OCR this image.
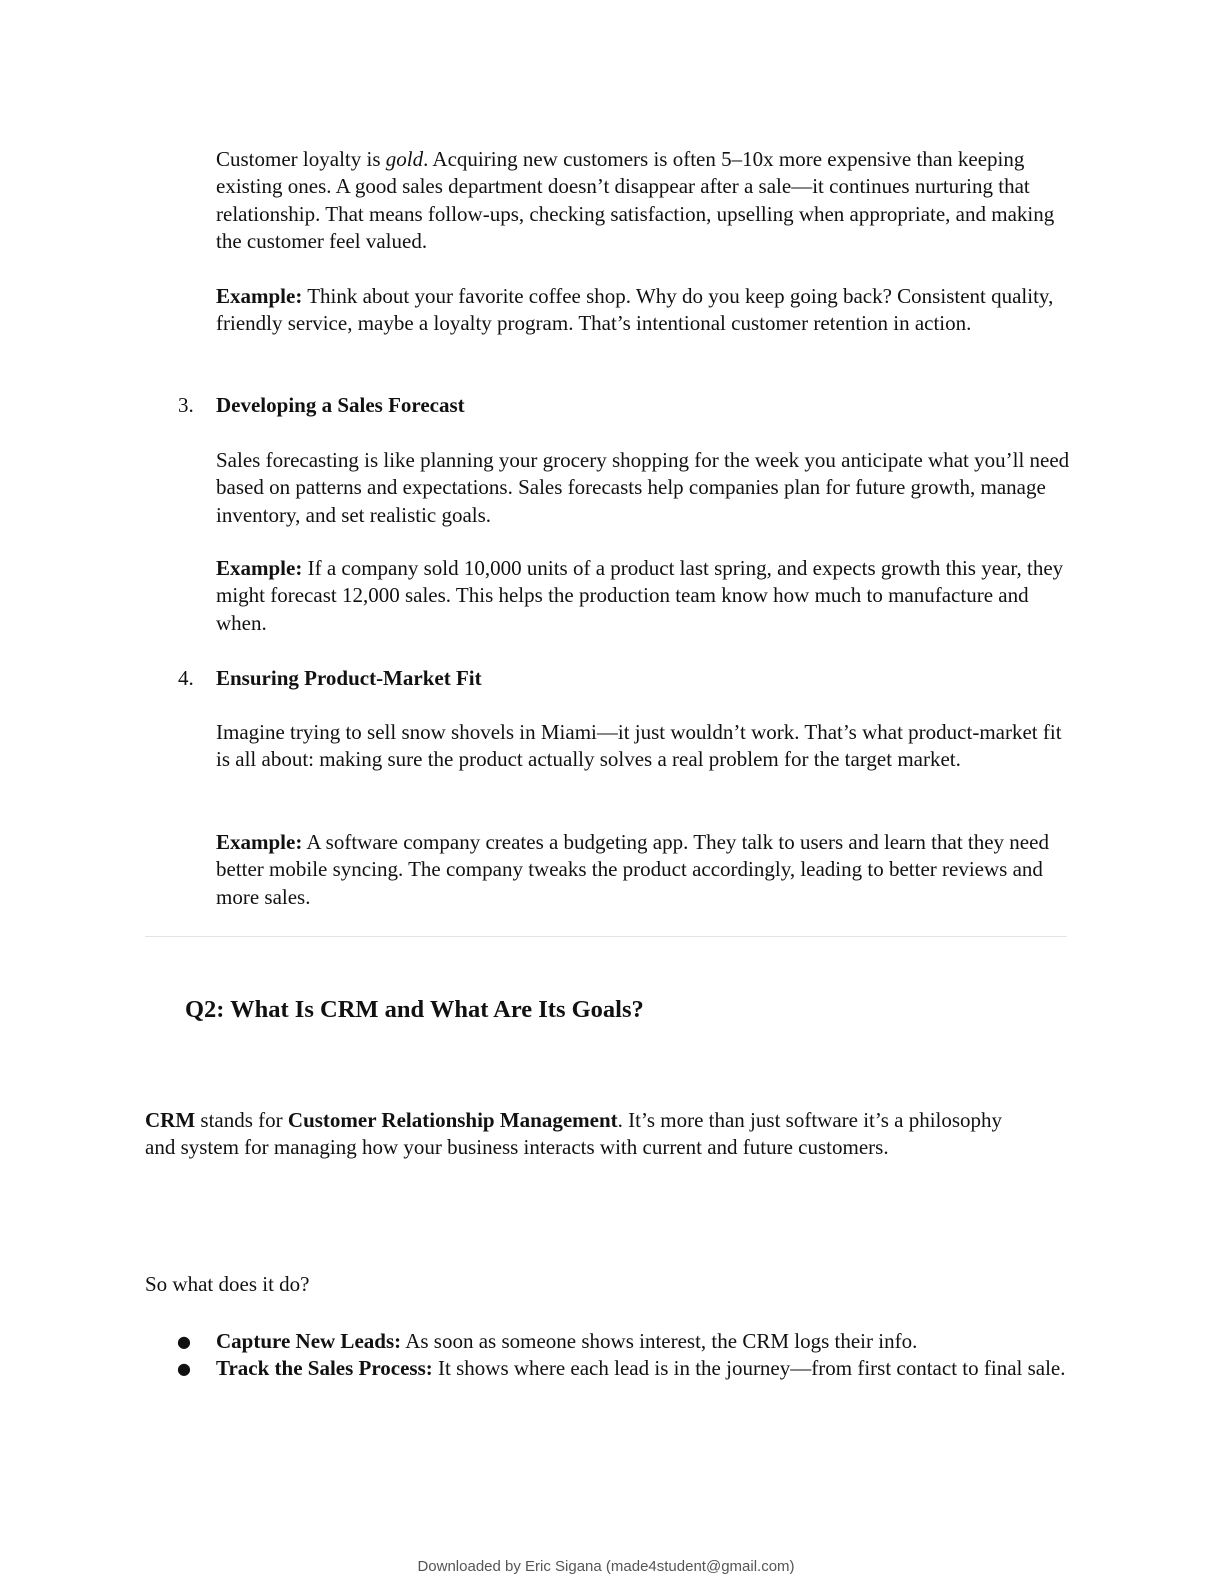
Customer loyalty is gold. Acquiring new customers is often 5–10x more expensive than keeping existing ones. A good sales department doesn’t disappear after a sale—it continues nurturing that relationship. That means follow-ups, checking satisfaction, upselling when appropriate, and making the customer feel valued.

Example: Think about your favorite coffee shop. Why do you keep going back? Consistent quality, friendly service, maybe a loyalty program. That’s intentional customer retention in action.

3. Developing a Sales Forecast

Sales forecasting is like planning your grocery shopping for the week you anticipate what you’ll need based on patterns and expectations. Sales forecasts help companies plan for future growth, manage inventory, and set realistic goals.

Example: If a company sold 10,000 units of a product last spring, and expects growth this year, they might forecast 12,000 sales. This helps the production team know how much to manufacture and when.

4. Ensuring Product-Market Fit

Imagine trying to sell snow shovels in Miami—it just wouldn’t work. That’s what product-market fit is all about: making sure the product actually solves a real problem for the target market.

Example: A software company creates a budgeting app. They talk to users and learn that they need better mobile syncing. The company tweaks the product accordingly, leading to better reviews and more sales.

Q2: What Is CRM and What Are Its Goals?

CRM stands for Customer Relationship Management. It’s more than just software it’s a philosophy and system for managing how your business interacts with current and future customers.

So what does it do?

● Capture New Leads: As soon as someone shows interest, the CRM logs their info.
● Track the Sales Process: It shows where each lead is in the journey—from first contact to final sale.
Downloaded by Eric Sigana (made4student@gmail.com)
